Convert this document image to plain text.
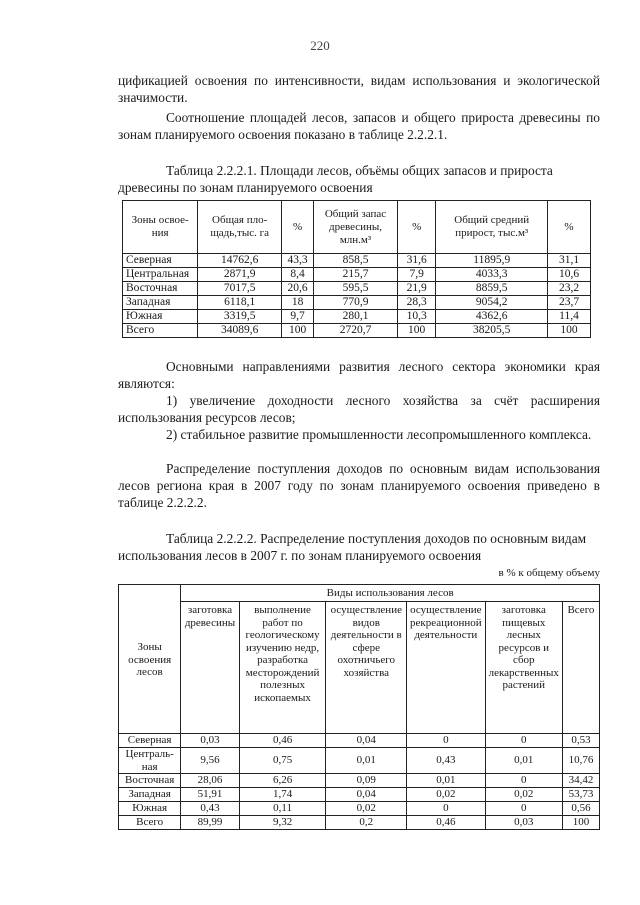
220

цификацией освоения по интенсивности, видам использования и экологической значимости.

Соотношение площадей лесов, запасов и общего прироста древесины по зонам планируемого освоения показано в таблице 2.2.2.1.

Таблица 2.2.2.1. Площади лесов, объёмы общих запасов и прироста древесины по зонам планируемого освоения

Зоны освое-ния	Общая пло-щадь,тыс. га	%	Общий запас древесины, млн.м³	%	Общий средний прирост, тыс.м³	%
Северная	14762,6	43,3	858,5	31,6	11895,9	31,1
Центральная	2871,9	8,4	215,7	7,9	4033,3	10,6
Восточная	7017,5	20,6	595,5	21,9	8859,5	23,2
Западная	6118,1	18	770,9	28,3	9054,2	23,7
Южная	3319,5	9,7	280,1	10,3	4362,6	11,4
Всего	34089,6	100	2720,7	100	38205,5	100

Основными направлениями развития лесного сектора экономики края являются:

1) увеличение доходности лесного хозяйства за счёт расширения использования ресурсов лесов;

2) стабильное развитие промышленности лесопромышленного комплекса.

Распределение поступления доходов по основным видам использования лесов региона края в 2007 году по зонам планируемого освоения приведено в таблице 2.2.2.2.

Таблица 2.2.2.2. Распределение поступления доходов по основным видам использования лесов в 2007 г. по зонам планируемого освоения

в % к общему объему
Зоны освоения лесов	Виды использования лесов					
	заготовка древесины	выполнение работ по геологическому изучению недр, разработка месторождений полезных ископаемых	осуществление видов деятельности в сфере охотничьего хозяйства	осуществление рекреационной деятельности	заготовка пищевых лесных ресурсов и сбор лекарственных растений	Всего
Северная	0,03	0,46	0,04	0	0	0,53
Централь-ная	9,56	0,75	0,01	0,43	0,01	10,76
Восточная	28,06	6,26	0,09	0,01	0	34,42
Западная	51,91	1,74	0,04	0,02	0,02	53,73
Южная	0,43	0,11	0,02	0	0	0,56
Всего	89,99	9,32	0,2	0,46	0,03	100
